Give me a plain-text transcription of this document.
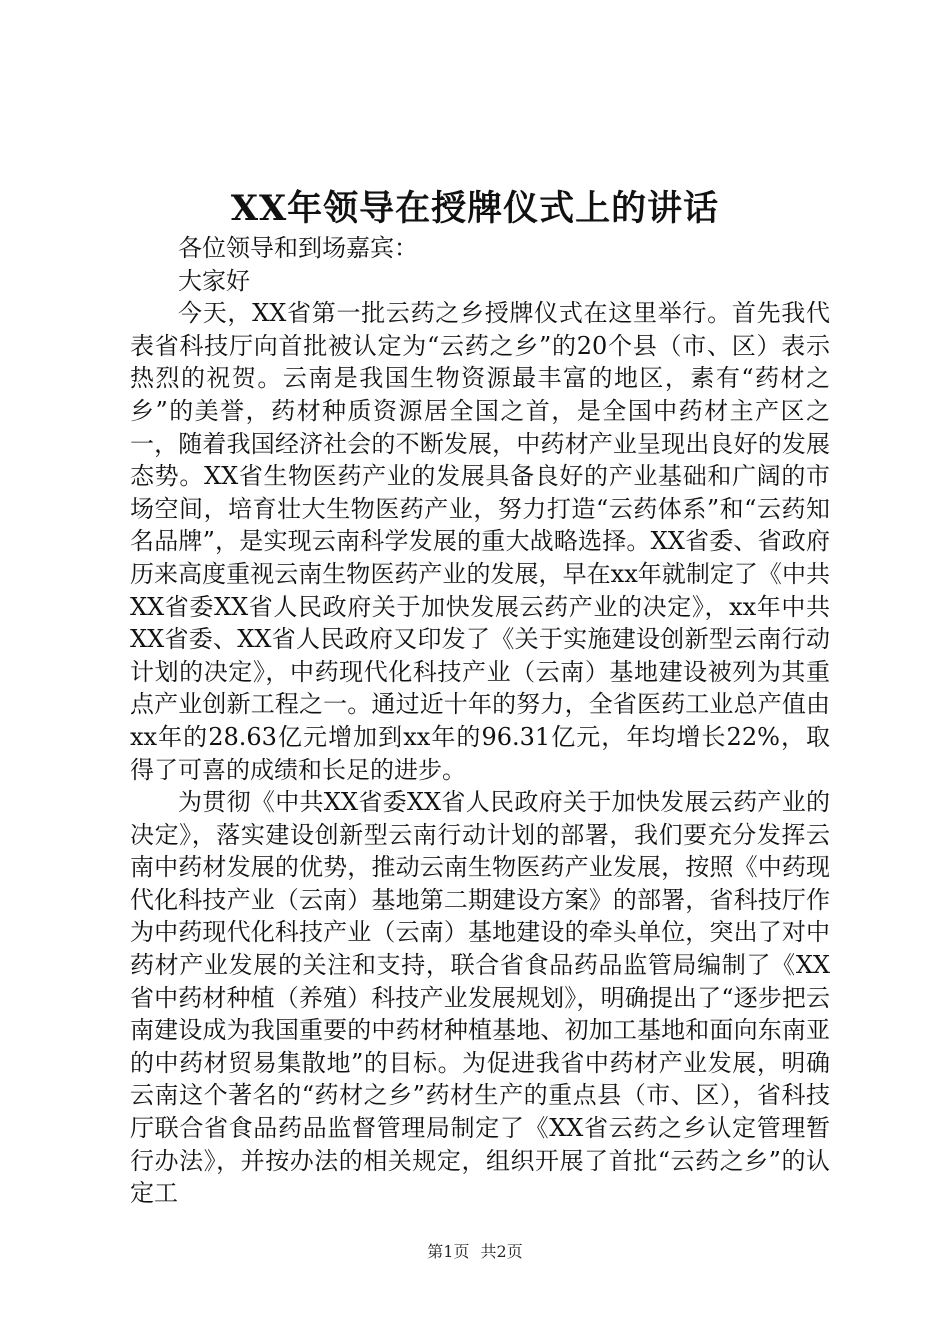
XX年领导在授牌仪式上的讲话

各位领导和到场嘉宾：

大家好

今天，XX省第一批云药之乡授牌仪式在这里举行。首先我代表省科技厅向首批被认定为“云药之乡”的20个县（市、区）表示热烈的祝贺。云南是我国生物资源最丰富的地区，素有“药材之乡”的美誉，药材种质资源居全国之首，是全国中药材主产区之一，随着我国经济社会的不断发展，中药材产业呈现出良好的发展态势。XX省生物医药产业的发展具备良好的产业基础和广阔的市场空间，培育壮大生物医药产业，努力打造“云药体系”和“云药知名品牌”，是实现云南科学发展的重大战略选择。XX省委、省政府历来高度重视云南生物医药产业的发展，早在xx年就制定了《中共XX省委XX省人民政府关于加快发展云药产业的决定》，xx年中共XX省委、XX省人民政府又印发了《关于实施建设创新型云南行动计划的决定》，中药现代化科技产业（云南）基地建设被列为其重点产业创新工程之一。通过近十年的努力，全省医药工业总产值由xx年的28.63亿元增加到xx年的96.31亿元，年均增长22%，取得了可喜的成绩和长足的进步。

为贯彻《中共XX省委XX省人民政府关于加快发展云药产业的决定》，落实建设创新型云南行动计划的部署，我们要充分发挥云南中药材发展的优势，推动云南生物医药产业发展，按照《中药现代化科技产业（云南）基地第二期建设方案》的部署，省科技厅作为中药现代化科技产业（云南）基地建设的牵头单位，突出了对中药材产业发展的关注和支持，联合省食品药品监管局编制了《XX省中药材种植（养殖）科技产业发展规划》，明确提出了“逐步把云南建设成为我国重要的中药材种植基地、初加工基地和面向东南亚的中药材贸易集散地”的目标。为促进我省中药材产业发展，明确云南这个著名的“药材之乡”药材生产的重点县（市、区），省科技厅联合省食品药品监督管理局制定了《XX省云药之乡认定管理暂行办法》，并按办法的相关规定，组织开展了首批“云药之乡”的认定工

第1页 共2页
